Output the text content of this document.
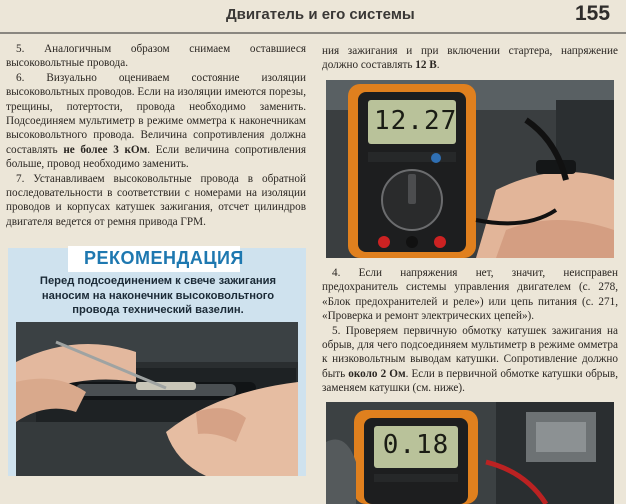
Двигатель и его системы	155

5. Аналогичным образом снимаем оставшиеся высоковольтные провода.

6. Визуально оцениваем состояние изоляции высоковольтных проводов. Если на изоляции имеются порезы, трещины, потертости, провода необходимо заменить. Подсоединяем мультиметр в режиме омметра к наконечникам высоковольтного провода. Величина сопротивления должна составлять не более 3 кОм. Если величина сопротивления больше, провод необходимо заменить.

7. Устанавливаем высоковольтные провода в обратной последовательности в соответствии с номерами на изоляции проводов и корпусах катушек зажигания, отсчет цилиндров двигателя ведется от ремня привода ГРМ.

Перед подсоединением к свече зажигания наносим на наконечник высоковольтного провода технический вазелин.
РЕКОМЕНДАЦИЯ

ния зажигания и при включении стартера, напряжение должно составлять 12 В.

12.27

4. Если напряжения нет, значит, неисправен предохранитель системы управления двигателем (с. 278, «Блок предохранителей и реле») или цепь питания (с. 271, «Проверка и ремонт электрических цепей»).

5. Проверяем первичную обмотку катушек зажигания на обрыв, для чего подсоединяем мультиметр в режиме омметра к низковольтным выводам катушки. Сопротивление должно быть около 2 Ом. Если в первичной обмотке катушки обрыв, заменяем катушки (см. ниже).

0.18
